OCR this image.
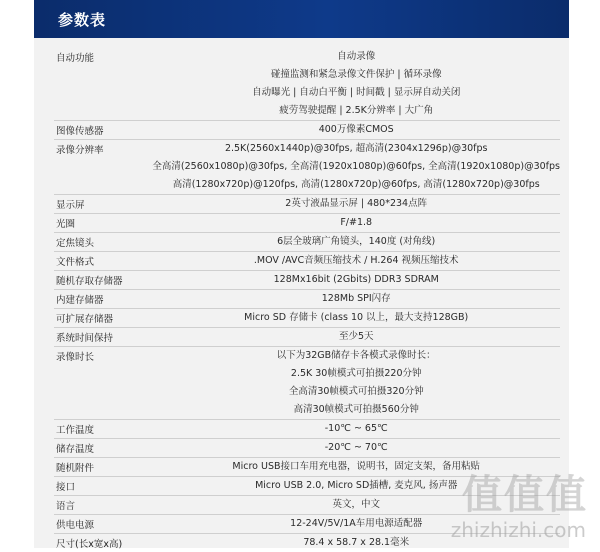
参数表
自动功能	自动录像
碰撞监测和紧急录像文件保护 | 循环录像
自动曝光 | 自动白平衡 | 时间戳 | 显示屏自动关闭
疲劳驾驶提醒 | 2.5K分辨率 | 大广角

图像传感器	400万像素CMOS

录像分辨率	2.5K(2560x1440p)@30fps, 超高清(2304x1296p)@30fps
全高清(2560x1080p)@30fps, 全高清(1920x1080p)@60fps, 全高清(1920x1080p)@30fps
高清(1280x720p)@120fps, 高清(1280x720p)@60fps, 高清(1280x720p)@30fps

显示屏	2英寸液晶显示屏 | 480*234点阵

光圈	F/#1.8

定焦镜头	6层全玻璃广角镜头，140度 (对角线)

文件格式	.MOV /AVC音频压缩技术 / H.264 视频压缩技术

随机存取存储器	128Mx16bit (2Gbits) DDR3 SDRAM

内建存储器	128Mb SPI闪存

可扩展存储器	Micro SD 存储卡 (class 10 以上，最大支持128GB)

系统时间保持	至少5天

录像时长	以下为32GB储存卡各模式录像时长：
2.5K 30帧模式可拍摄220分钟
全高清30帧模式可拍摄320分钟
高清30帧模式可拍摄560分钟

工作温度	-10℃ ~ 65℃

储存温度	-20℃ ~ 70℃

随机附件	Micro USB接口车用充电器，说明书，固定支架，备用粘贴

接口	Micro USB 2.0, Micro SD插槽, 麦克风, 扬声器

语言	英文，中文

供电电源	12-24V/5V/1A车用电源适配器

尺寸(长x宽x高)	78.4 x 58.7 x 28.1毫米
值值值
zhizhizhi.com
